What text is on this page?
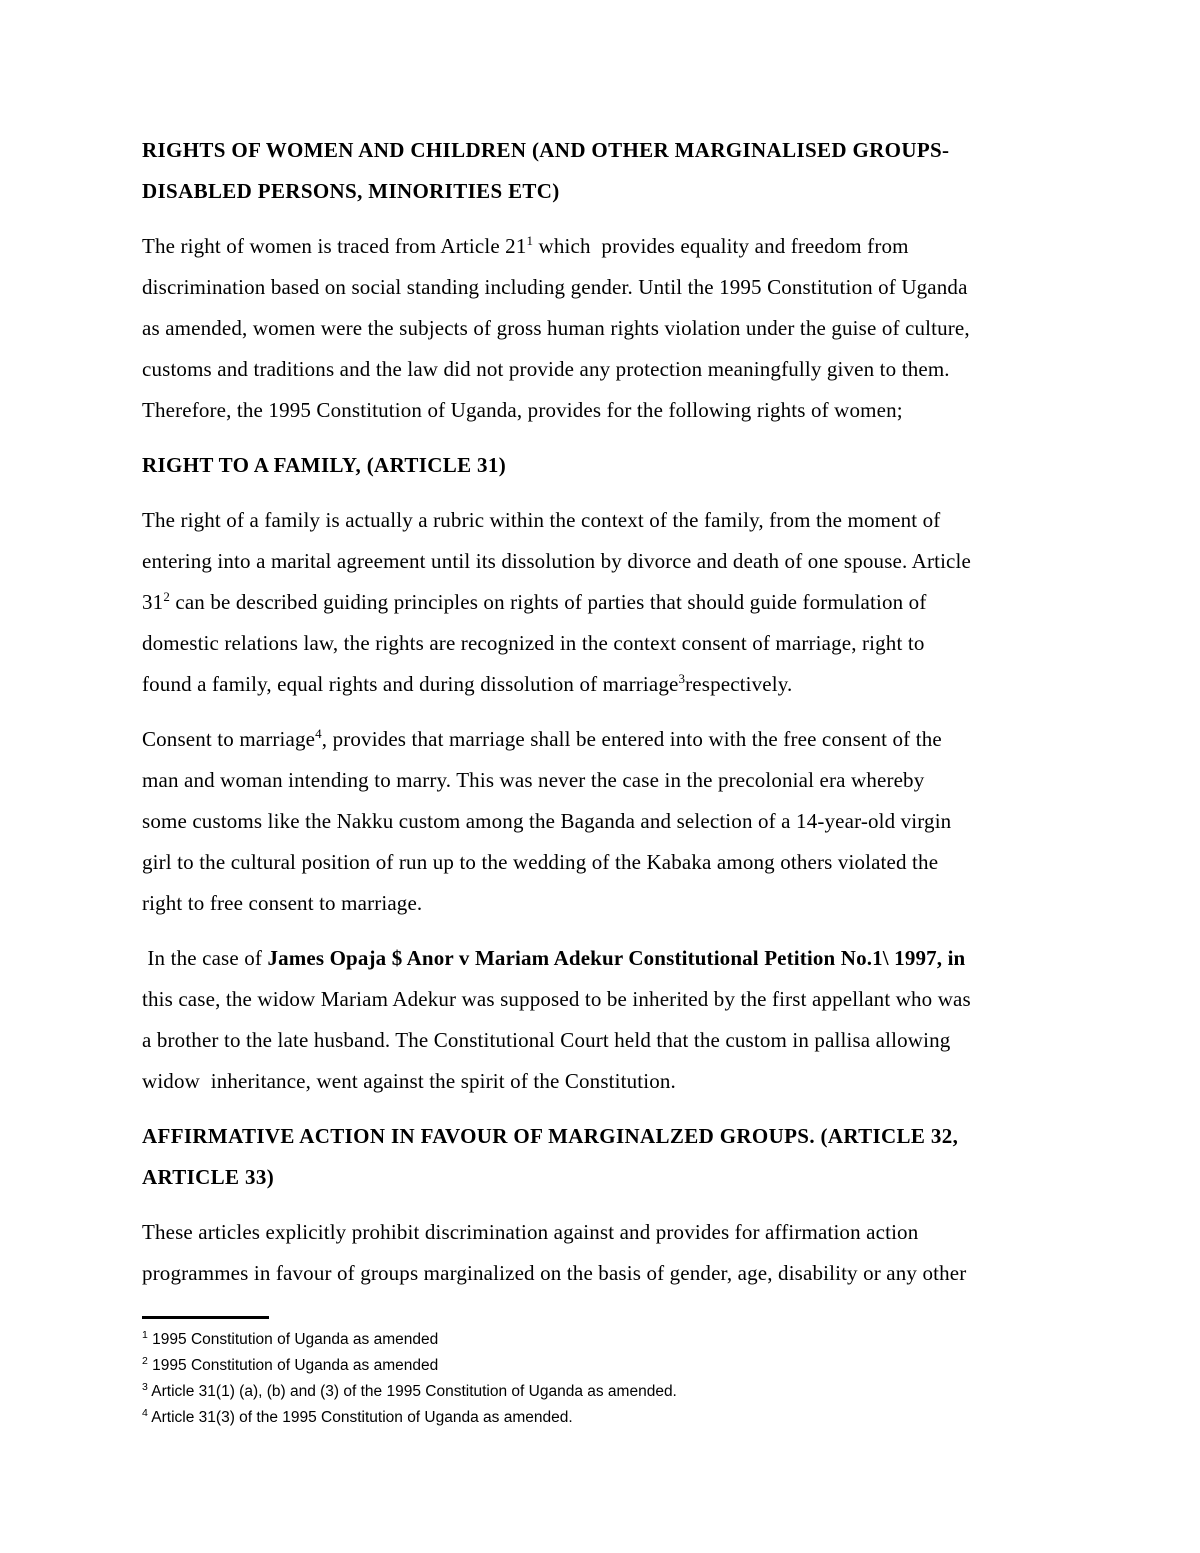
RIGHTS OF WOMEN AND CHILDREN (AND OTHER MARGINALISED GROUPS-
DISABLED PERSONS, MINORITIES ETC)
The right of women is traced from Article $21^1$ which  provides equality and freedom from
discrimination based on social standing including gender. Until the 1995 Constitution of Uganda
as amended, women were the subjects of gross human rights violation under the guise of culture,
customs and traditions and the law did not provide any protection meaningfully given to them.
Therefore, the 1995 Constitution of Uganda, provides for the following rights of women;
RIGHT TO A FAMILY, (ARTICLE 31)
The right of a family is actually a rubric within the context of the family, from the moment of
entering into a marital agreement until its dissolution by divorce and death of one spouse. Article
$31^2$ can be described guiding principles on rights of parties that should guide formulation of
domestic relations law, the rights are recognized in the context consent of marriage, right to
found a family, equal rights and during dissolution of marriage$^3$respectively.
Consent to marriage$^4$, provides that marriage shall be entered into with the free consent of the
man and woman intending to marry. This was never the case in the precolonial era whereby
some customs like the Nakku custom among the Baganda and selection of a 14-year-old virgin
girl to the cultural position of run up to the wedding of the Kabaka among others violated the
right to free consent to marriage.
In the case of James Opaja $ Anor v Mariam Adekur Constitutional Petition No.1\ 1997, in
this case, the widow Mariam Adekur was supposed to be inherited by the first appellant who was
a brother to the late husband. The Constitutional Court held that the custom in pallisa allowing
widow  inheritance, went against the spirit of the Constitution.
AFFIRMATIVE ACTION IN FAVOUR OF MARGINALZED GROUPS. (ARTICLE 32,
ARTICLE 33)
These articles explicitly prohibit discrimination against and provides for affirmation action
programmes in favour of groups marginalized on the basis of gender, age, disability or any other
$^1$ 1995 Constitution of Uganda as amended
$^2$ 1995 Constitution of Uganda as amended
$^3$ Article 31(1) (a), (b) and (3) of the 1995 Constitution of Uganda as amended.
$^4$ Article 31(3) of the 1995 Constitution of Uganda as amended.
